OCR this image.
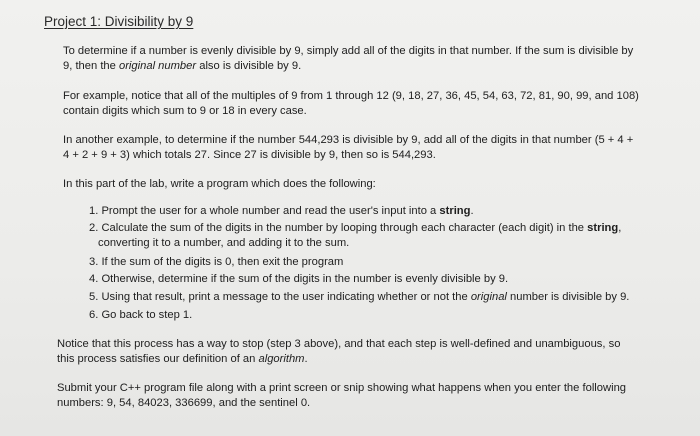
Project 1: Divisibility by 9

To determine if a number is evenly divisible by 9, simply add all of the digits in that number. If the sum is divisible by
9, then the original number also is divisible by 9.

For example, notice that all of the multiples of 9 from 1 through 12 (9, 18, 27, 36, 45, 54, 63, 72, 81, 90, 99, and 108)
contain digits which sum to 9 or 18 in every case.

In another example, to determine if the number 544,293 is divisible by 9, add all of the digits in that number (5 + 4 +
4 + 2 + 9 + 3) which totals 27. Since 27 is divisible by 9, then so is 544,293.

In this part of the lab, write a program which does the following:

1. Prompt the user for a whole number and read the user's input into a string.
2. Calculate the sum of the digits in the number by looping through each character (each digit) in the string,
converting it to a number, and adding it to the sum.
3. If the sum of the digits is 0, then exit the program
4. Otherwise, determine if the sum of the digits in the number is evenly divisible by 9.
5. Using that result, print a message to the user indicating whether or not the original number is divisible by 9.
6. Go back to step 1.

Notice that this process has a way to stop (step 3 above), and that each step is well-defined and unambiguous, so
this process satisfies our definition of an algorithm.

Submit your C++ program file along with a print screen or snip showing what happens when you enter the following
numbers: 9, 54, 84023, 336699, and the sentinel 0.
